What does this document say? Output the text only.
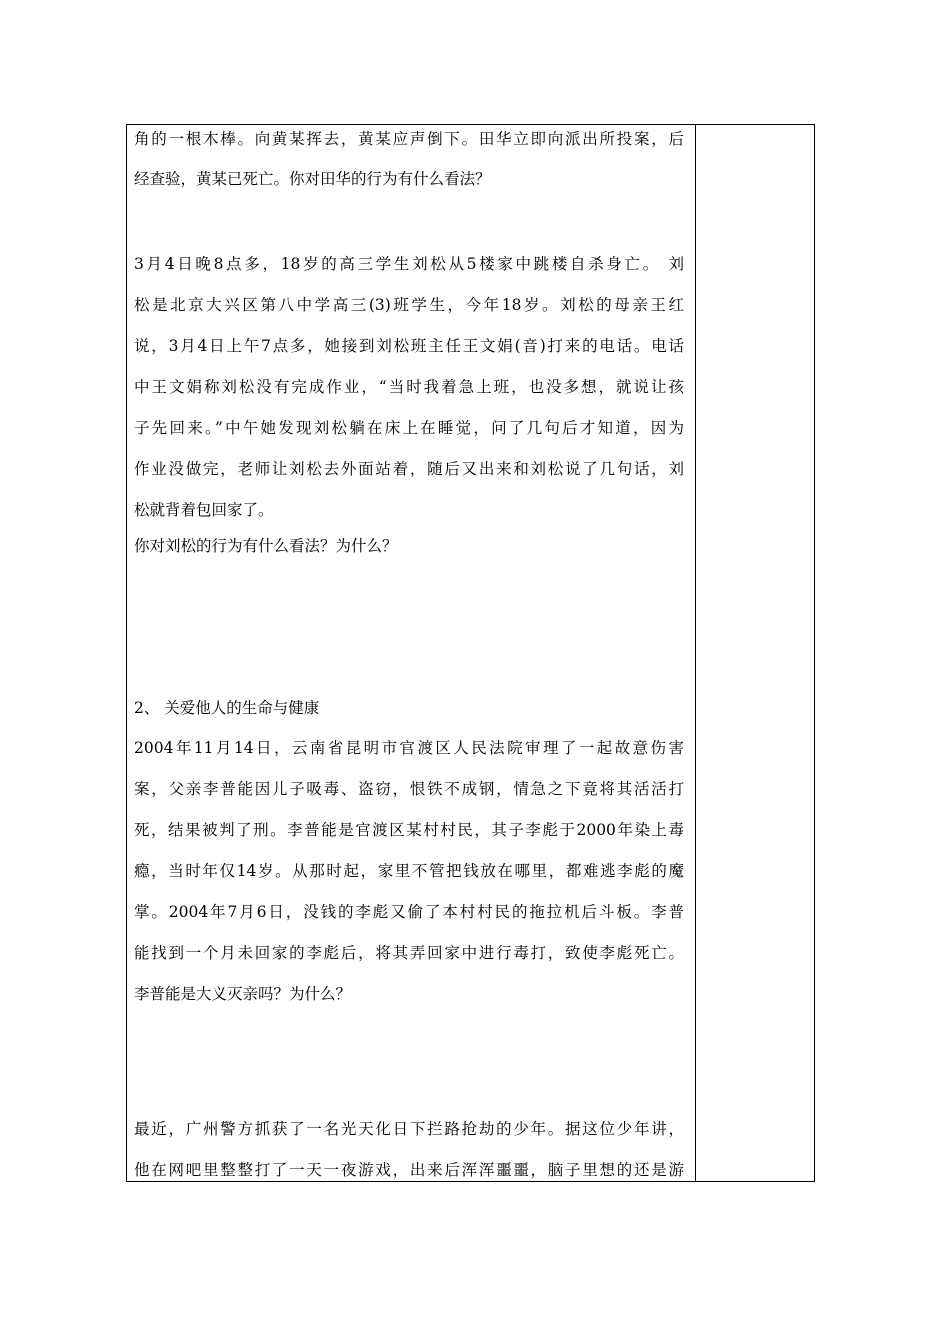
角的一根木棒。向黄某挥去，黄某应声倒下。田华立即向派出所投案，后
经查验，黄某已死亡。你对田华的行为有什么看法？
3月4日晚8点多，18岁的高三学生刘松从5楼家中跳楼自杀身亡。 刘
松是北京大兴区第八中学高三(3)班学生，今年18岁。刘松的母亲王红
说，3月4日上午7点多，她接到刘松班主任王文娟(音)打来的电话。电话
中王文娟称刘松没有完成作业，“当时我着急上班，也没多想，就说让孩
子先回来。”中午她发现刘松躺在床上在睡觉，问了几句后才知道，因为
作业没做完，老师让刘松去外面站着，随后又出来和刘松说了几句话，刘
松就背着包回家了。
你对刘松的行为有什么看法？为什么？
2、 关爱他人的生命与健康
2004年11月14日，云南省昆明市官渡区人民法院审理了一起故意伤害
案，父亲李普能因儿子吸毒、盗窃，恨铁不成钢，情急之下竟将其活活打
死，结果被判了刑。李普能是官渡区某村村民，其子李彪于2000年染上毒
瘾，当时年仅14岁。从那时起，家里不管把钱放在哪里，都难逃李彪的魔
掌。2004年7月6日，没钱的李彪又偷了本村村民的拖拉机后斗板。李普
能找到一个月未回家的李彪后，将其弄回家中进行毒打，致使李彪死亡。
李普能是大义灭亲吗？为什么？
最近，广州警方抓获了一名光天化日下拦路抢劫的少年。据这位少年讲，
他在网吧里整整打了一天一夜游戏，出来后浑浑噩噩，脑子里想的还是游
